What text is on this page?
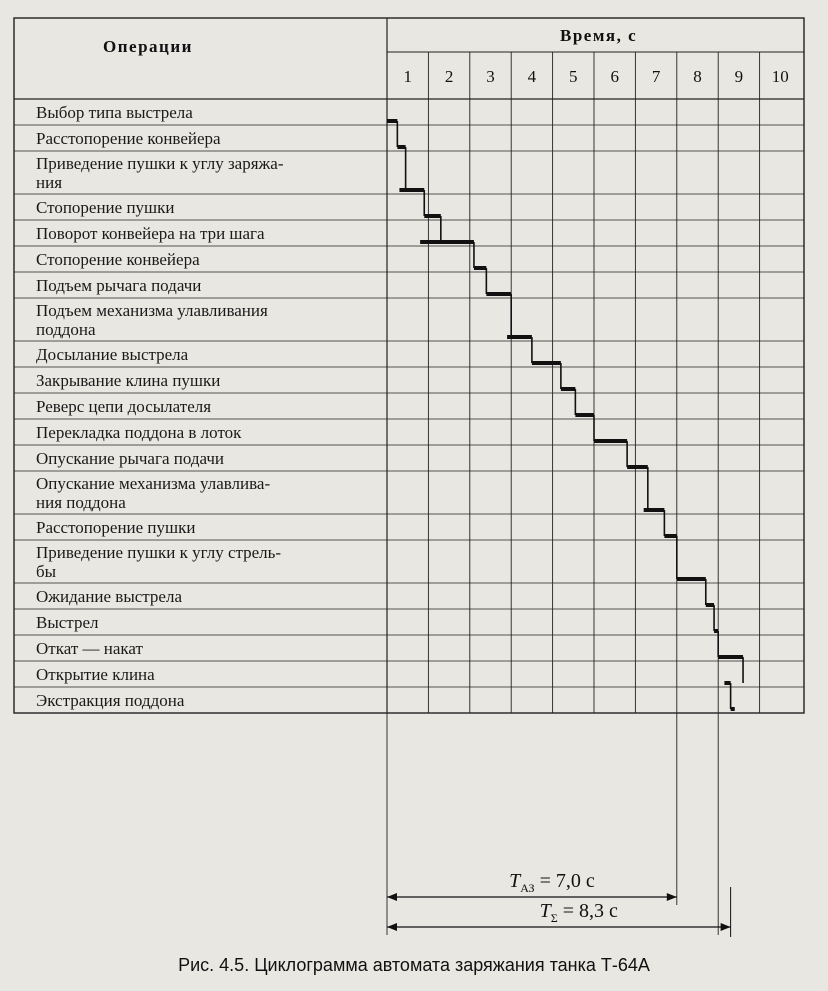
Операции
Время, с
1 2 3 4 5 6 7 8 9 10
Выбор типа выстрела
Расстопорение конвейера
Приведение пушки к углу заряжа-
ния
Стопорение пушки
Поворот конвейера на три шага
Стопорение конвейера
Подъем рычага подачи
Подъем механизма улавливания
поддона
Досылание выстрела
Закрывание клина пушки
Реверс цепи досылателя
Перекладка поддона в лоток
Опускание рычага подачи
Опускание механизма улавлива-
ния поддона
Расстопорение пушки
Приведение пушки к углу стрель-
бы
Ожидание выстрела
Выстрел
Откат — накат
Открытие клина
Экстракция поддона
$T_{АЗ} = 7,0$ с
$T_\Sigma = 8,3$ с
Рис. 4.5. Циклограмма автомата заряжания танка Т-64А
